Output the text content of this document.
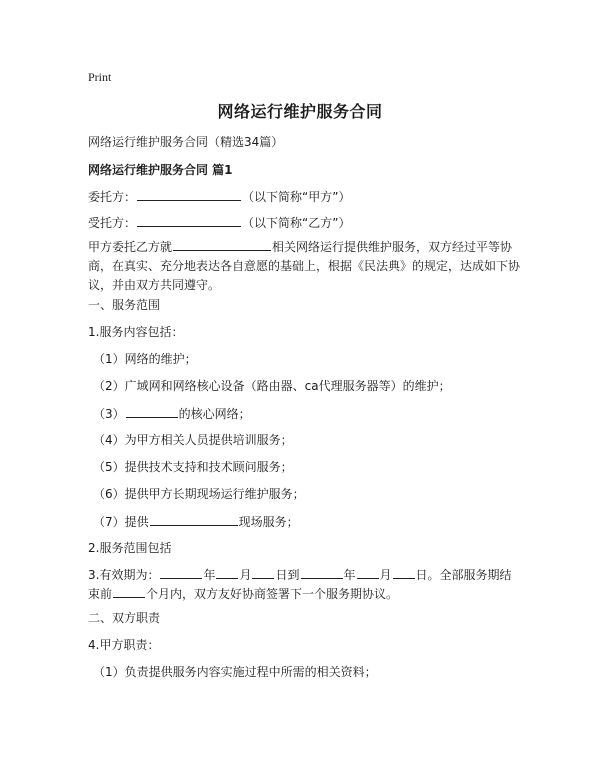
Print
网络运行维护服务合同
网络运行维护服务合同（精选34篇）
网络运行维护服务合同 篇1
委托方：	（以下简称“甲方”）
受托方：	（以下简称“乙方”）

甲方委托乙方就	相关网络运行提供维护服务，双方经过平等协

商，在真实、充分地表达各自意愿的基础上，根据《民法典》的规定，达成如下协

议，并由双方共同遵守。

一、服务范围
1.服务内容包括：
（1）网络的维护；
（2）广域网和网络核心设备（路由器、ca代理服务器等）的维护；
（3）	的核心网络；
（4）为甲方相关人员提供培训服务；
（5）提供技术支持和技术顾问服务；
（6）提供甲方长期现场运行维护服务；
（7）提供	现场服务；
2.服务范围包括

3.有效期为：	年 月 日到	年 月 日。全部服务期结

束前	个月内，双方友好协商签署下一个服务期协议。

二、双方职责
4.甲方职责：
（1）负责提供服务内容实施过程中所需的相关资料；
